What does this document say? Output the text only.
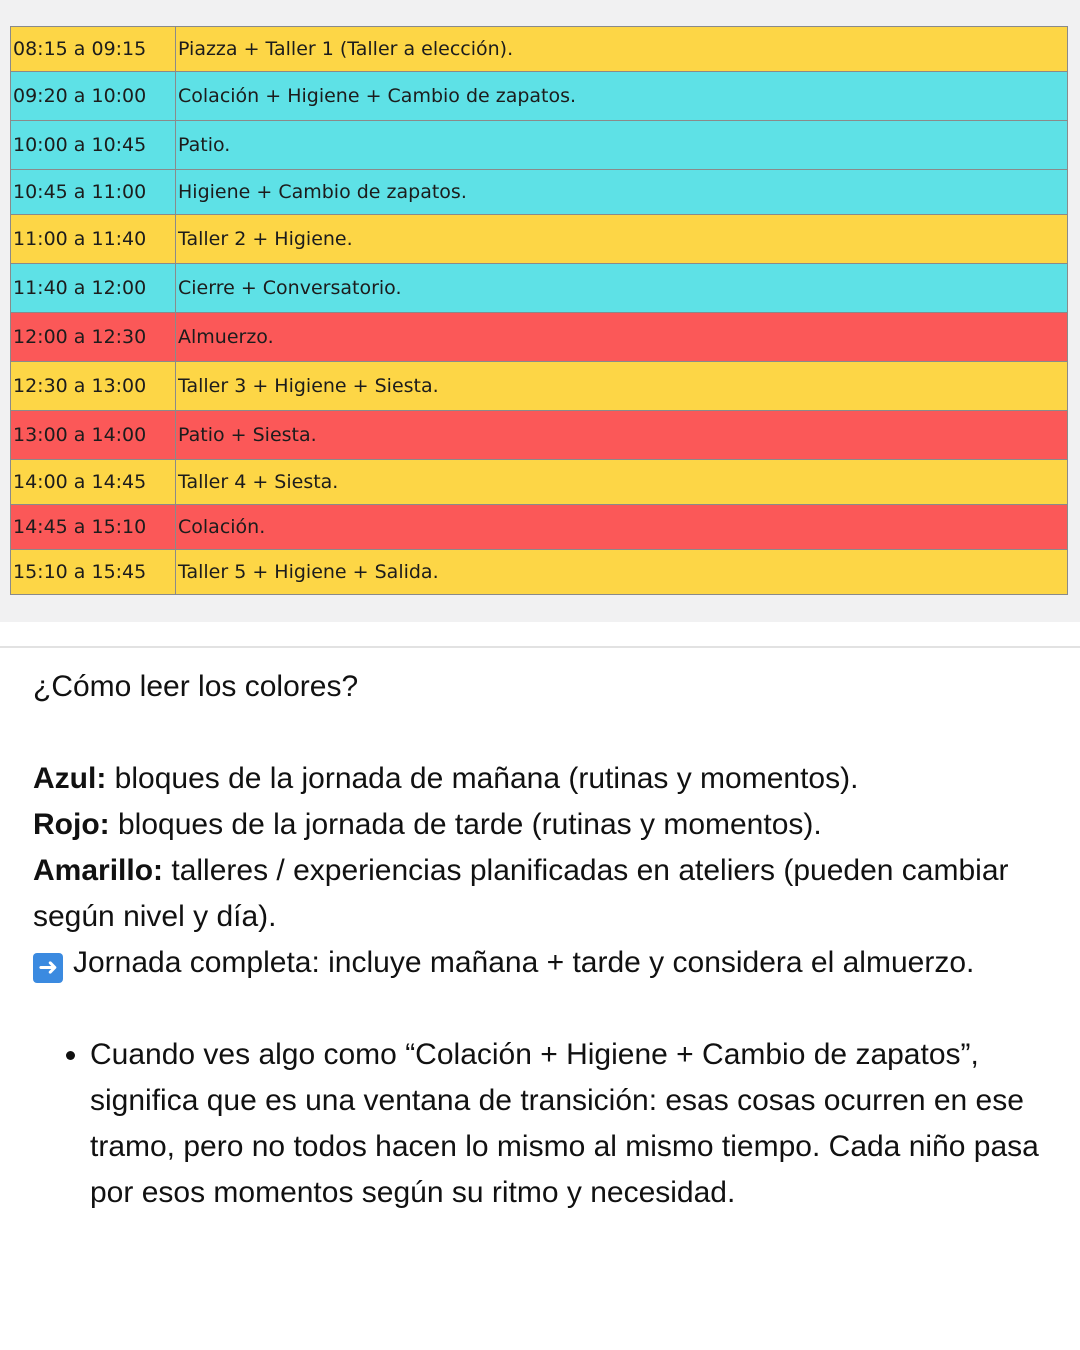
08:15 a 09:15	Piazza + Taller 1 (Taller a elección).
09:20 a 10:00	Colación + Higiene + Cambio de zapatos.
10:00 a 10:45	Patio.
10:45 a 11:00	Higiene + Cambio de zapatos.
11:00 a 11:40	Taller 2 + Higiene.
11:40 a 12:00	Cierre + Conversatorio.
12:00 a 12:30	Almuerzo.
12:30 a 13:00	Taller 3 + Higiene + Siesta.
13:00 a 14:00	Patio + Siesta.
14:00 a 14:45	Taller 4 + Siesta.
14:45 a 15:10	Colación.
15:10 a 15:45	Taller 5 + Higiene + Salida.

¿Cómo leer los colores?

Azul: bloques de la jornada de mañana (rutinas y momentos).

Rojo: bloques de la jornada de tarde (rutinas y momentos).

Amarillo: talleres / experiencias planificadas en ateliers (pueden cambiar según nivel y día).

➜ Jornada completa: incluye mañana + tarde y considera el almuerzo.

• Cuando ves algo como “Colación + Higiene + Cambio de zapatos”, significa que es una ventana de transición: esas cosas ocurren en ese tramo, pero no todos hacen lo mismo al mismo tiempo. Cada niño pasa por esos momentos según su ritmo y necesidad.
